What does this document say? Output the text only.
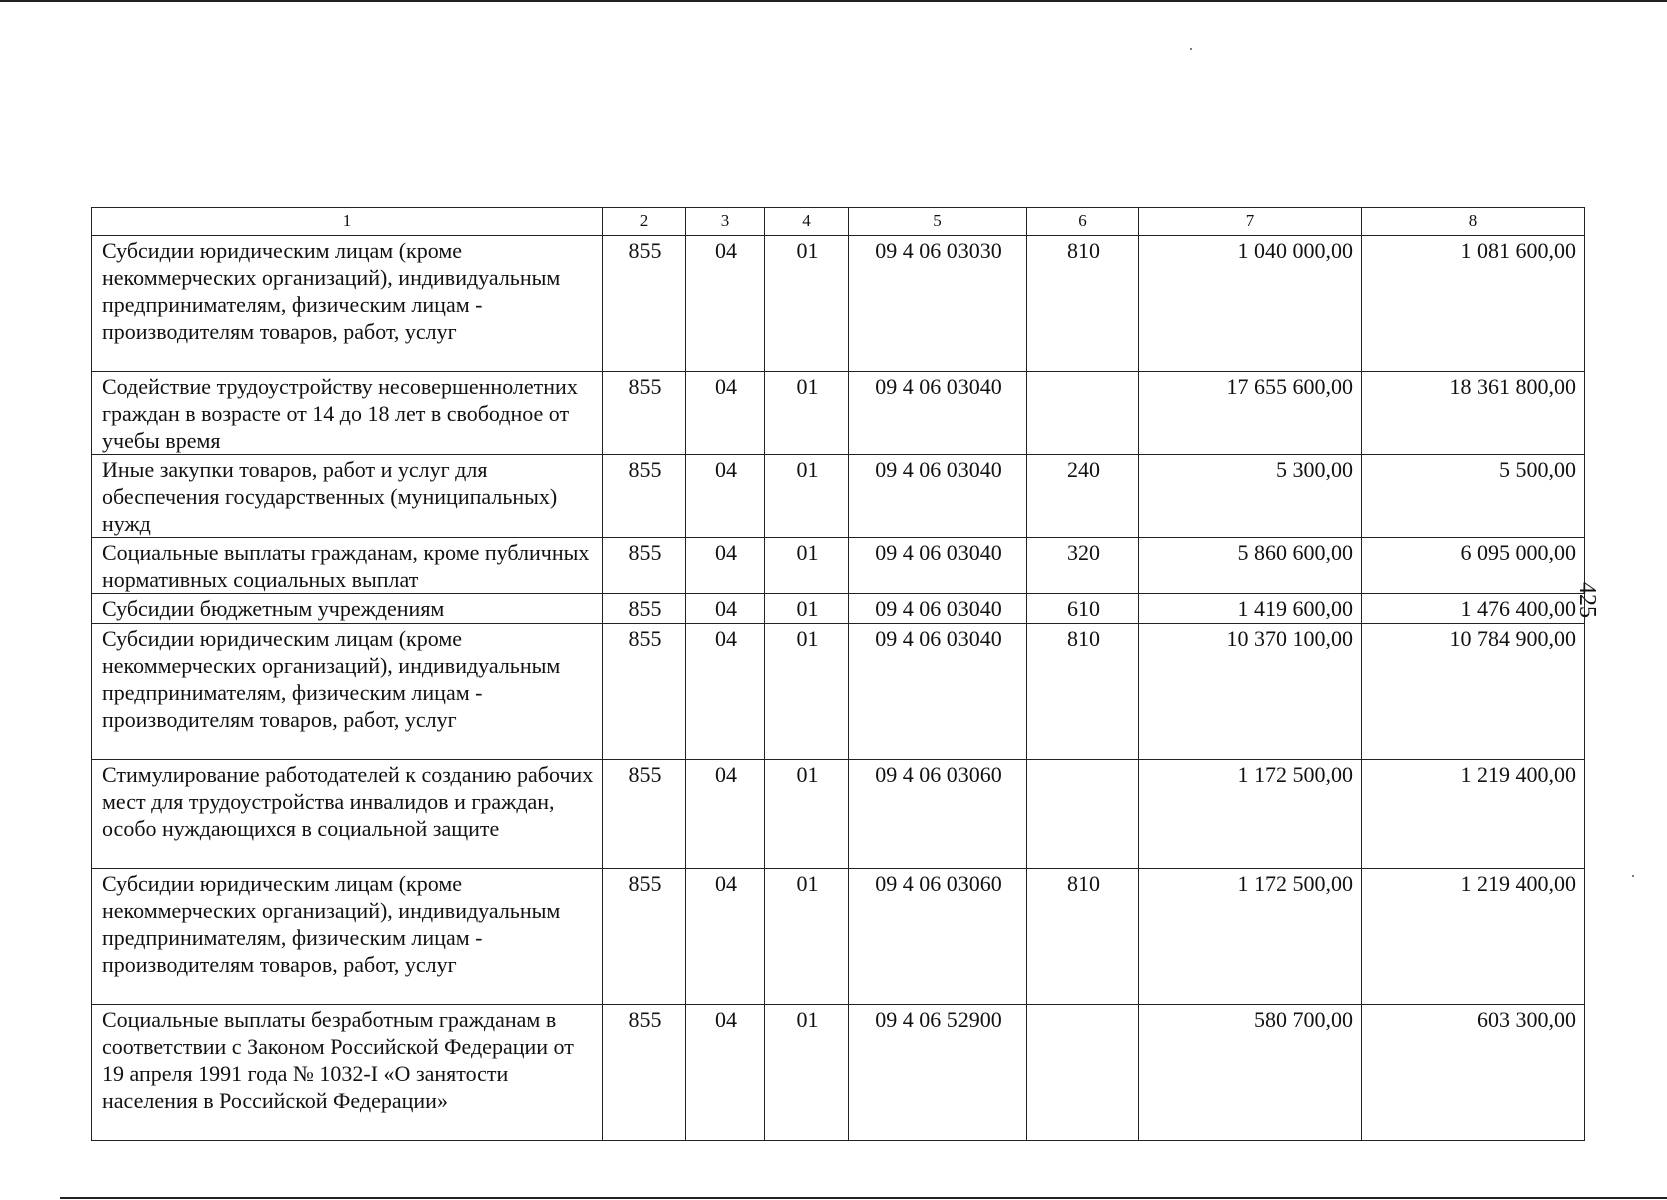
1	2	3	4	5	6	7	8
Субсидии юридическим лицам (кроме некоммерческих организаций), индивидуальным предпринимателям, физическим лицам - производителям товаров, работ, услуг	855	04	01	09 4 06 03030	810	1 040 000,00	1 081 600,00
Содействие трудоустройству несовершеннолетних граждан в возрасте от 14 до 18 лет в свободное от учебы время	855	04	01	09 4 06 03040		17 655 600,00	18 361 800,00
Иные закупки товаров, работ и услуг для обеспечения государственных (муниципальных) нужд	855	04	01	09 4 06 03040	240	5 300,00	5 500,00
Социальные выплаты гражданам, кроме публичных нормативных социальных выплат	855	04	01	09 4 06 03040	320	5 860 600,00	6 095 000,00
Субсидии бюджетным учреждениям	855	04	01	09 4 06 03040	610	1 419 600,00	1 476 400,00
Субсидии юридическим лицам (кроме некоммерческих организаций), индивидуальным предпринимателям, физическим лицам - производителям товаров, работ, услуг	855	04	01	09 4 06 03040	810	10 370 100,00	10 784 900,00
Стимулирование работодателей к созданию рабочих мест для трудоустройства инвалидов и граждан, особо нуждающихся в социальной защите	855	04	01	09 4 06 03060		1 172 500,00	1 219 400,00
Субсидии юридическим лицам (кроме некоммерческих организаций), индивидуальным предпринимателям, физическим лицам - производителям товаров, работ, услуг	855	04	01	09 4 06 03060	810	1 172 500,00	1 219 400,00
Социальные выплаты безработным гражданам в соответствии с Законом Российской Федерации от 19 апреля 1991 года № 1032-I «О занятости населения в Российской Федерации»	855	04	01	09 4 06 52900		580 700,00	603 300,00
425
